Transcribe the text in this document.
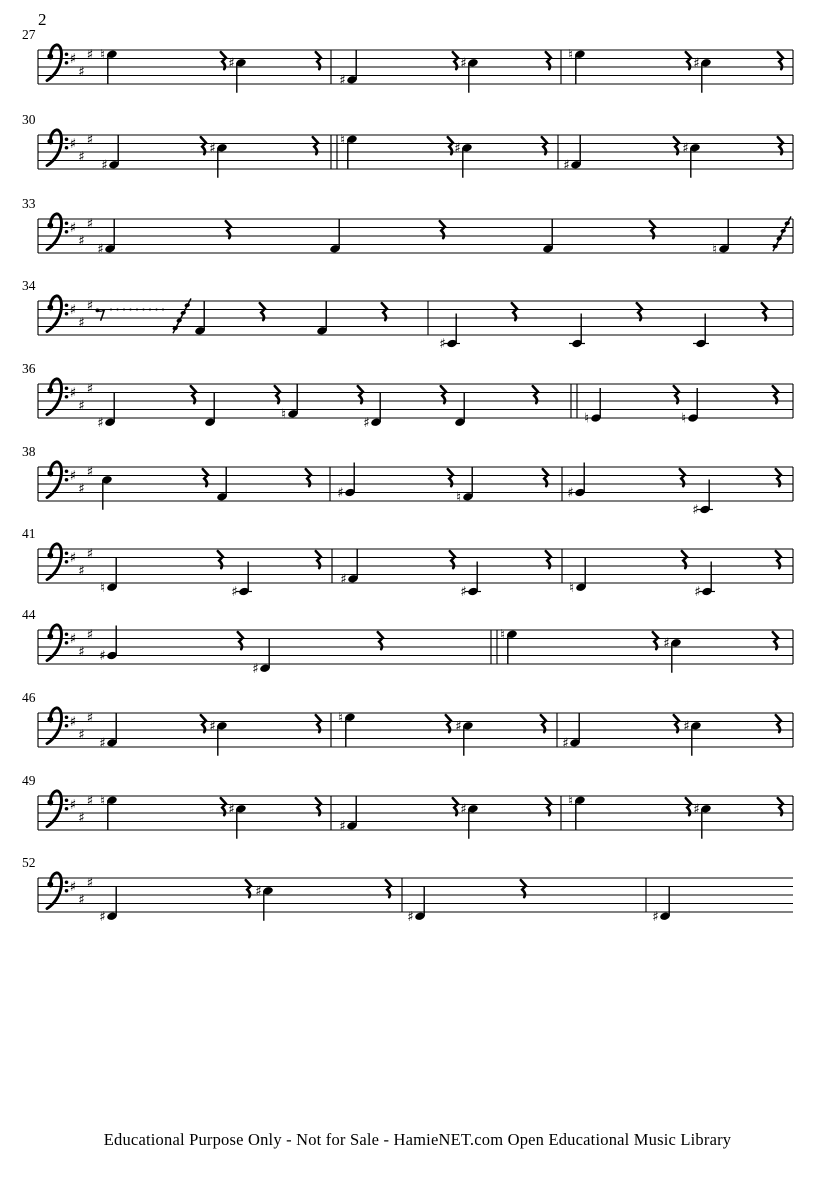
2
27
♯
♯
♯ ♮
♯
♯
♯
♮
♯
30
♯
♯
♯
♯
♯
♮
♯
♯
♯
33
♯
♯
♯
♯	♮
34
♯
♯
♯
♯
36
♯
♯
♯
♯
♮
♯	♮	♮
38
♯
♯
♯
♯	♮	♯
♯
41
♯
♯
♯
♮	♯
♯
♯	♮	♯
44
♯
♯
♯
♯
♯
♮
♯
46
♯
♯
♯
♯
♯
♮
♯
♯
♯
49
♯
♯
♯ ♮
♯
♯
♯
♮
♯
52
♯
♯
♯
♯
♯
♯	♯
Educational Purpose Only - Not for Sale - HamieNET.com Open Educational Music Library
